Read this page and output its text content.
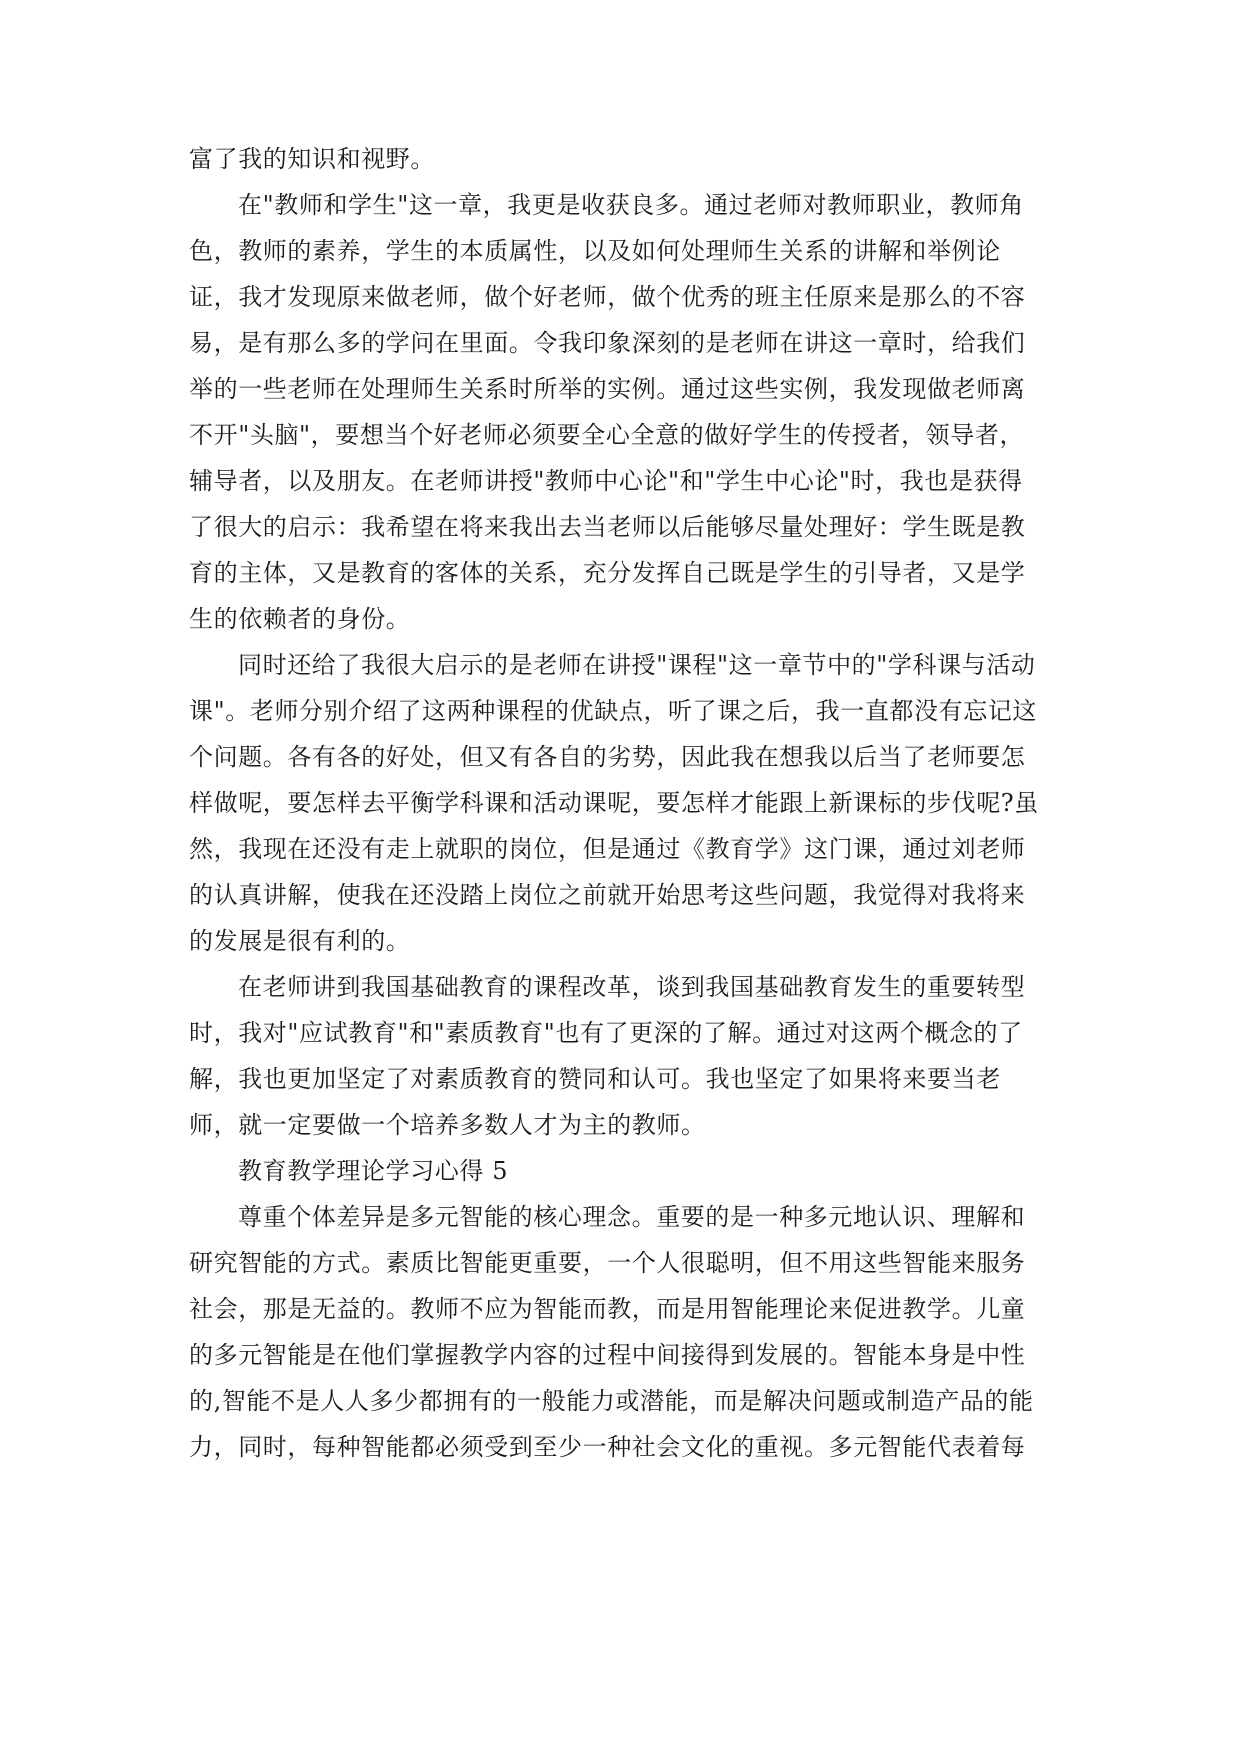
富了我的知识和视野。
在"教师和学生"这一章，我更是收获良多。通过老师对教师职业，教师角
色，教师的素养，学生的本质属性，以及如何处理师生关系的讲解和举例论
证，我才发现原来做老师，做个好老师，做个优秀的班主任原来是那么的不容
易，是有那么多的学问在里面。令我印象深刻的是老师在讲这一章时，给我们
举的一些老师在处理师生关系时所举的实例。通过这些实例，我发现做老师离
不开"头脑"，要想当个好老师必须要全心全意的做好学生的传授者，领导者，
辅导者，以及朋友。在老师讲授"教师中心论"和"学生中心论"时，我也是获得
了很大的启示：我希望在将来我出去当老师以后能够尽量处理好：学生既是教
育的主体，又是教育的客体的关系，充分发挥自己既是学生的引导者，又是学
生的依赖者的身份。
同时还给了我很大启示的是老师在讲授"课程"这一章节中的"学科课与活动
课"。老师分别介绍了这两种课程的优缺点，听了课之后，我一直都没有忘记这
个问题。各有各的好处，但又有各自的劣势，因此我在想我以后当了老师要怎
样做呢，要怎样去平衡学科课和活动课呢，要怎样才能跟上新课标的步伐呢?虽
然，我现在还没有走上就职的岗位，但是通过《教育学》这门课，通过刘老师
的认真讲解，使我在还没踏上岗位之前就开始思考这些问题，我觉得对我将来
的发展是很有利的。
在老师讲到我国基础教育的课程改革，谈到我国基础教育发生的重要转型
时，我对"应试教育"和"素质教育"也有了更深的了解。通过对这两个概念的了
解，我也更加坚定了对素质教育的赞同和认可。我也坚定了如果将来要当老
师，就一定要做一个培养多数人才为主的教师。
教育教学理论学习心得 5
尊重个体差异是多元智能的核心理念。重要的是一种多元地认识、理解和
研究智能的方式。素质比智能更重要，一个人很聪明，但不用这些智能来服务
社会，那是无益的。教师不应为智能而教，而是用智能理论来促进教学。儿童
的多元智能是在他们掌握教学内容的过程中间接得到发展的。智能本身是中性
的,智能不是人人多少都拥有的一般能力或潜能，而是解决问题或制造产品的能
力，同时，每种智能都必须受到至少一种社会文化的重视。多元智能代表着每
